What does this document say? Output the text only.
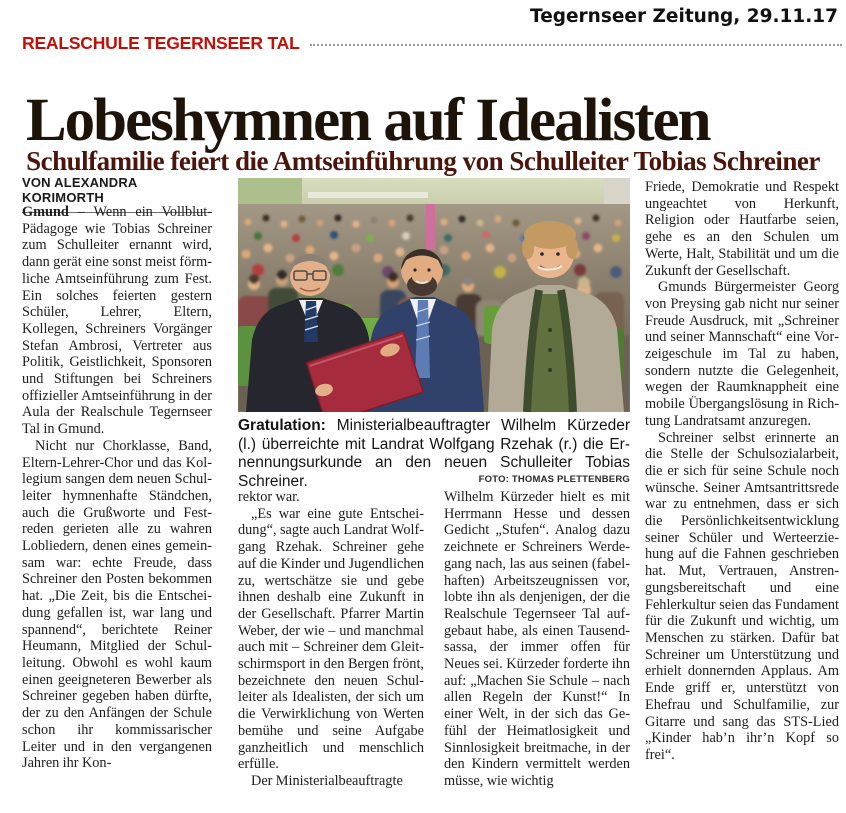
Tegernseer Zeitung, 29.11.17
REALSCHULE TEGERNSEER TAL
Lobeshymnen auf Idealisten
Schulfamilie feiert die Amtseinführung von Schulleiter Tobias Schreiner
VON ALEXANDRA KORIMORTH

Gmund – Wenn ein Vollblut-Pädagoge wie Tobias Schreiner zum Schulleiter ernannt wird, dann gerät eine sonst meist förmliche Amtseinführung zum Fest. Ein solches feierten gestern Schüler, Lehrer, Eltern, Kollegen, Schreiners Vorgänger Stefan Ambrosi, Vertreter aus Politik, Geistlichkeit, Sponsoren und Stiftungen bei Schreiners offizieller Amtseinführung in der Aula der Realschule Tegernseer Tal in Gmund.

Nicht nur Chorklasse, Band, Eltern-Lehrer-Chor und das Kollegium sangen dem neuen Schulleiter hymnenhafte Ständchen, auch die Grußworte und Festreden gerieten alle zu wahren Lobliedern, denen eines gemeinsam war: echte Freude, dass Schreiner den Posten bekommen hat. „Die Zeit, bis die Entscheidung gefallen ist, war lang und spannend“, berichtete Reiner Heumann, Mitglied der Schulleitung. Obwohl es wohl kaum einen geeigneteren Bewerber als Schreiner gegeben haben dürfte, der zu den Anfängen der Schule schon ihr kommissarischer Leiter und in den vergangenen Jahren ihr Kon-

Gratulation: Ministerialbeauftragter Wilhelm Kürzeder (l.) überreichte mit Landrat Wolfgang Rzehak (r.) die Ernennungsurkunde an den neuen Schulleiter Tobias Schreiner.	FOTO: THOMAS PLETTENBERG

rektor war.

„Es war eine gute Entscheidung“, sagte auch Landrat Wolfgang Rzehak. Schreiner gehe auf die Kinder und Jugendlichen zu, wertschätze sie und gebe ihnen deshalb eine Zukunft in der Gesellschaft. Pfarrer Martin Weber, der wie – und manchmal auch mit – Schreiner dem Gleitschirmsport in den Bergen frönt, bezeichnete den neuen Schulleiter als Idealisten, der sich um die Verwirklichung von Werten bemühe und seine Aufgabe ganzheitlich und menschlich erfülle.

Der Ministerialbeauftragte

Wilhelm Kürzeder hielt es mit Herrmann Hesse und dessen Gedicht „Stufen“. Analog dazu zeichnete er Schreiners Werdegang nach, las aus seinen (fabelhaften) Arbeitszeugnissen vor, lobte ihn als denjenigen, der die Realschule Tegernseer Tal aufgebaut habe, als einen Tausendsassa, der immer offen für Neues sei. Kürzeder forderte ihn auf: „Machen Sie Schule – nach allen Regeln der Kunst!“ In einer Welt, in der sich das Gefühl der Heimatlosigkeit und Sinnlosigkeit breitmache, in der den Kindern vermittelt werden müsse, wie wichtig

Friede, Demokratie und Respekt ungeachtet von Herkunft, Religion oder Hautfarbe seien, gehe es an den Schulen um Werte, Halt, Stabilität und um die Zukunft der Gesellschaft.

Gmunds Bürgermeister Georg von Preysing gab nicht nur seiner Freude Ausdruck, mit „Schreiner und seiner Mannschaft“ eine Vorzeigeschule im Tal zu haben, sondern nutzte die Gelegenheit, wegen der Raumknappheit eine mobile Übergangslösung in Richtung Landratsamt anzuregen.

Schreiner selbst erinnerte an die Stelle der Schulsozialarbeit, die er sich für seine Schule noch wünsche. Seiner Amtsantrittsrede war zu entnehmen, dass er sich die Persönlichkeitsentwicklung seiner Schüler und Werteerziehung auf die Fahnen geschrieben hat. Mut, Vertrauen, Anstrengungsbereitschaft und eine Fehlerkultur seien das Fundament für die Zukunft und wichtig, um Menschen zu stärken. Dafür bat Schreiner um Unterstützung und erhielt donnernden Applaus. Am Ende griff er, unterstützt von Ehefrau und Schulfamilie, zur Gitarre und sang das STS-Lied „Kinder hab’n ihr’n Kopf so frei“.
